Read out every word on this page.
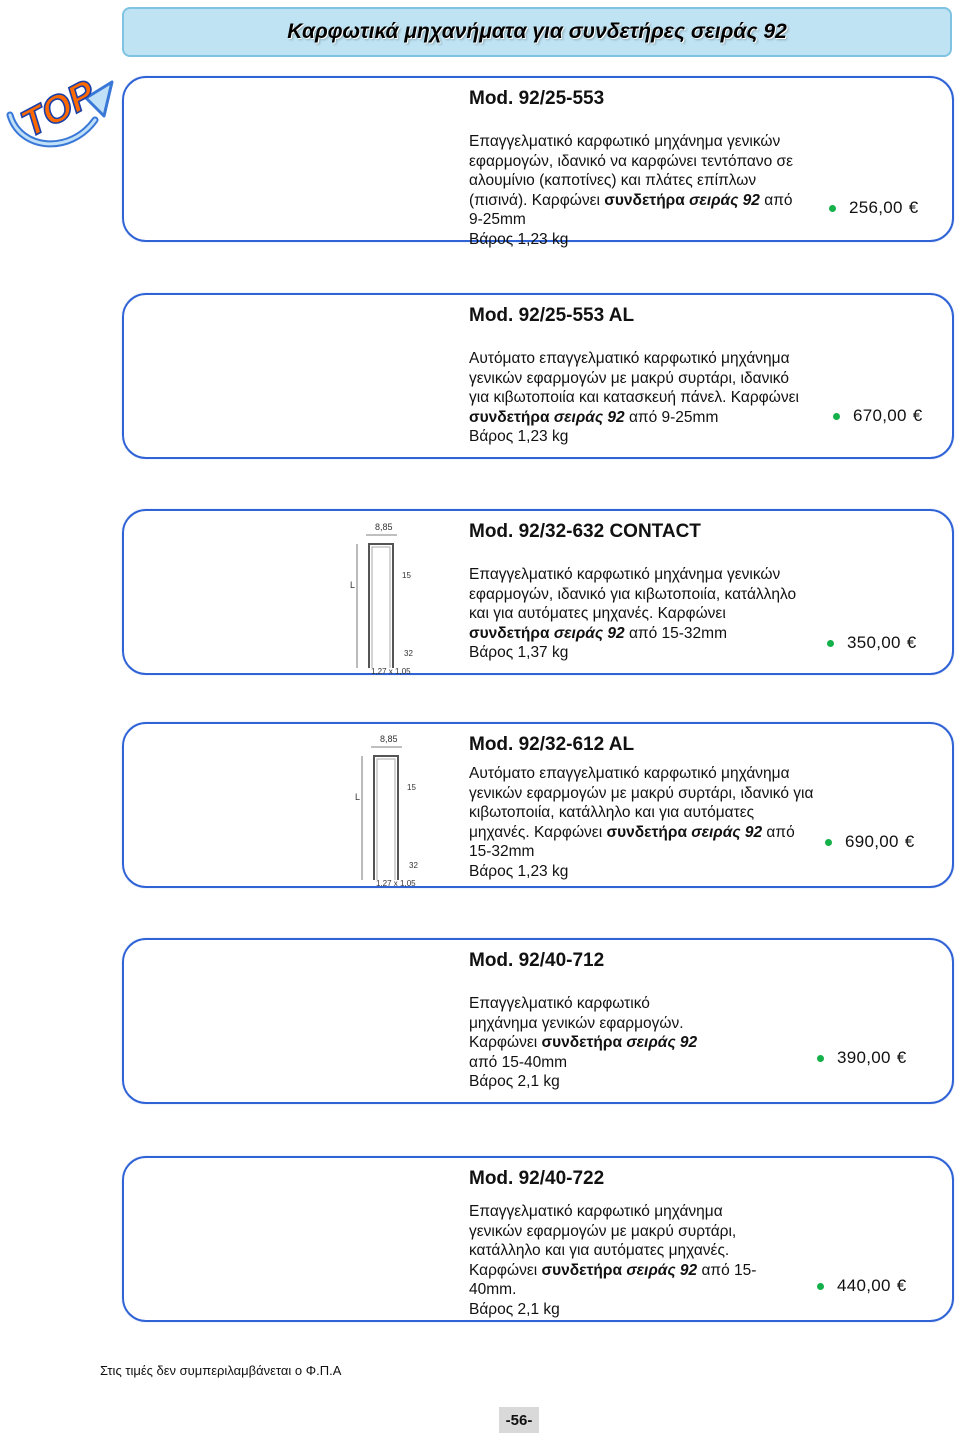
Καρφωτικά μηχανήματα για συνδετήρες σειράς 92
TOP	Mod. 92/25-553

Επαγγελματικό καρφωτικό μηχάνημα γενικών εφαρμογών, ιδανικό να καρφώνει τεντόπανο σε αλουμίνιο (καποτίνες) και πλάτες επίπλων (πισινά). Καρφώνει συνδετήρα σειράς 92 από 9-25mm

Βάρος 1,23 kg

256,00 €

Mod. 92/25-553 AL

Αυτόματο επαγγελματικό καρφωτικό μηχάνημα γενικών εφαρμογών με μακρύ συρτάρι, ιδανικό για κιβωτοποιία και κατασκευή πάνελ. Καρφώνει συνδετήρα σειράς 92 από 9-25mm

Βάρος 1,23 kg

670,00 €
8,85
L
15
32
1,27 x 1,05

Mod. 92/32-632 CONTACT

Επαγγελματικό καρφωτικό μηχάνημα γενικών εφαρμογών, ιδανικό για κιβωτοποιία, κατάλληλο και για αυτόματες μηχανές. Καρφώνει συνδετήρα σειράς 92 από 15-32mm

Βάρος 1,37 kg

350,00 €
8,85
L
15
32
1,27 x 1,05

Mod. 92/32-612 AL

Αυτόματο επαγγελματικό καρφωτικό μηχάνημα γενικών εφαρμογών με μακρύ συρτάρι, ιδανικό για κιβωτοποιία, κατάλληλο και για αυτόματες μηχανές. Καρφώνει συνδετήρα σειράς 92 από 15-32mm

Βάρος 1,23 kg

690,00 €

Mod. 92/40-712

Επαγγελματικό καρφωτικό μηχάνημα γενικών εφαρμογών. Καρφώνει συνδετήρα σειράς 92 από 15-40mm

Βάρος 2,1 kg

390,00 €

Mod. 92/40-722

Επαγγελματικό καρφωτικό μηχάνημα γενικών εφαρμογών με μακρύ συρτάρι, κατάλληλο και για αυτόματες μηχανές. Καρφώνει συνδετήρα σειράς 92 από 15-40mm.

Βάρος 2,1 kg

440,00 €
Στις τιμές δεν συμπεριλαμβάνεται ο Φ.Π.Α
-56-
